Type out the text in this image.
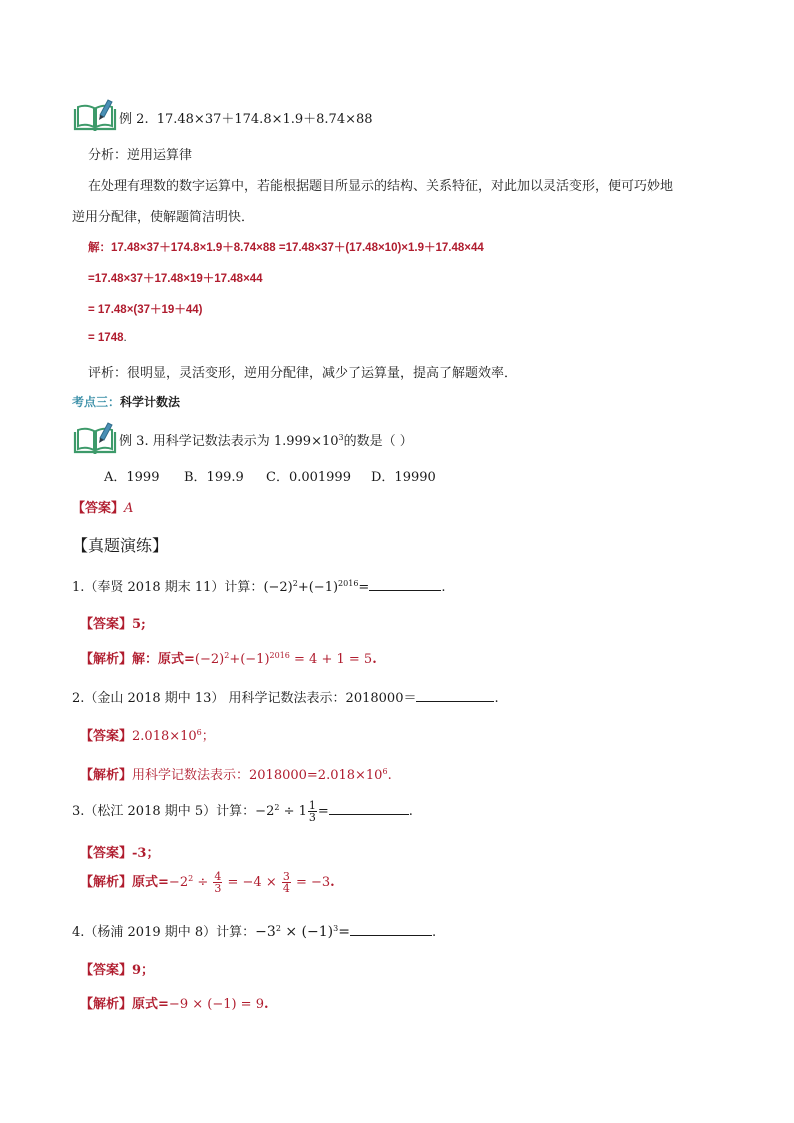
例 2. 17.48×37＋174.8×1.9＋8.74×88
分析：逆用运算律
在处理有理数的数字运算中，若能根据题目所显示的结构、关系特征，对此加以灵活变形，便可巧妙地
逆用分配律，使解题简洁明快．
解：17.48×37＋174.8×1.9＋8.74×88 =17.48×37＋(17.48×10)×1.9＋17.48×44
=17.48×37＋17.48×19＋17.48×44
= 17.48×(37＋19＋44)
= 1748.
评析：很明显，灵活变形，逆用分配律，减少了运算量，提高了解题效率．
考点三：科学计数法
例 3. 用科学记数法表示为 $1.999\times 10^3$的数是（ ）
A．1999 B．199.9 C．0.001999 D．19990
【答案】A
【真题演练】
1.（奉贤 2018 期末 11）计算：$(-2)^2+(-1)^{2016}=$	.
【答案】5;
【解析】解：原式$=(-2)^2+(-1)^{2016} = 4 + 1 = 5$.
2.（金山 2018 期中 13） 用科学记数法表示：2018000＝	.
【答案】$2.018\times 10^6$；
【解析】用科学记数法表示：$2018000=2.018\times 10^6$.
3.（松江 2018 期中 5）计算：$-2^2 \div 1 \frac{1}{3}$ =	.
【答案】-3；
【解析】原式$=-2^2 \div \frac{4}{3} = -4 \times \frac{3}{4} = -3$.
4.（杨浦 2019 期中 8）计算：$-3^2 \times (-1)^3=$	.
【答案】9；
【解析】原式=−9 × (−1) = 9.
